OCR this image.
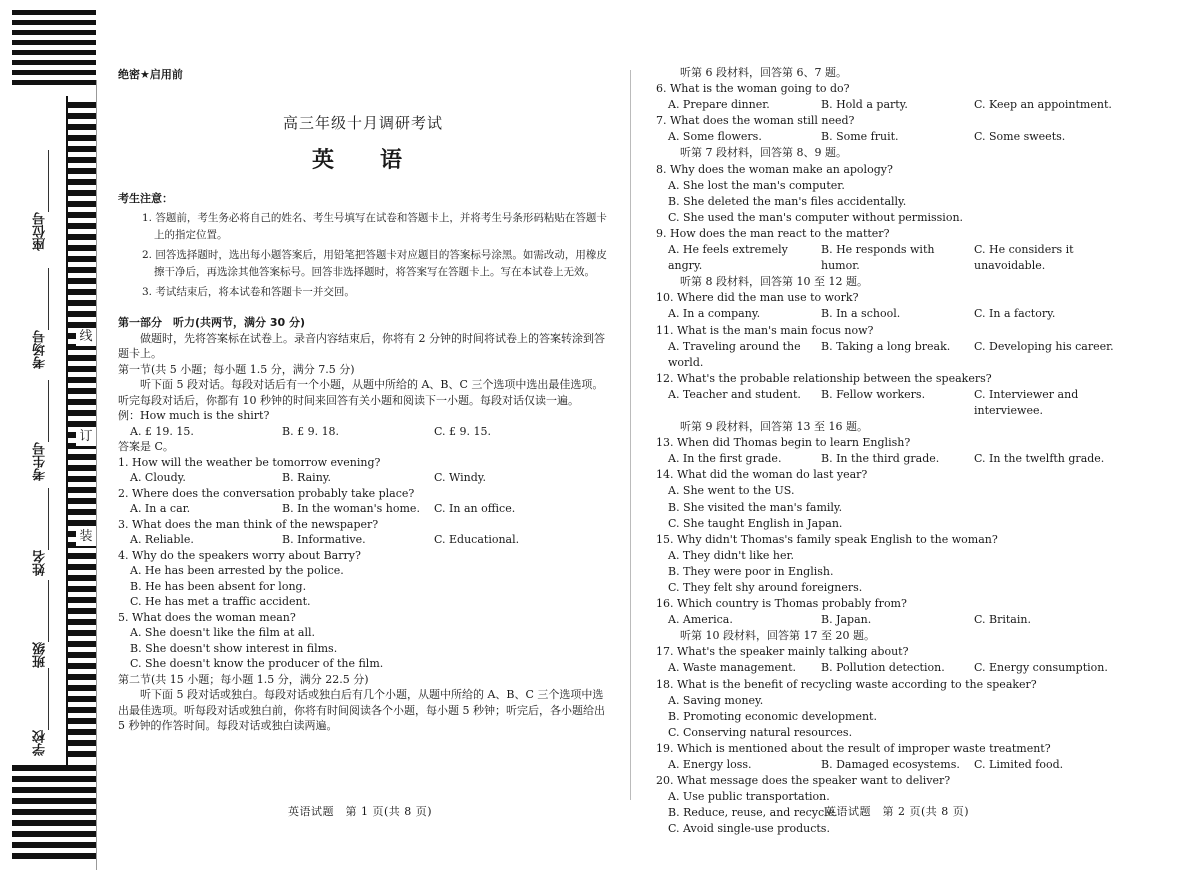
线
订
装
座位号
考场号
考生号
姓名
班级
学校
绝密★启用前
高三年级十月调研考试
英　语
考生注意：
1. 答题前，考生务必将自己的姓名、考生号填写在试卷和答题卡上，并将考生号条形码粘贴在答题卡上的指定位置。
2. 回答选择题时，选出每小题答案后，用铅笔把答题卡对应题目的答案标号涂黑。如需改动，用橡皮擦干净后，再选涂其他答案标号。回答非选择题时，将答案写在答题卡上。写在本试卷上无效。
3. 考试结束后，将本试卷和答题卡一并交回。
第一部分　听力(共两节，满分 30 分)
做题时，先将答案标在试卷上。录音内容结束后，你将有 2 分钟的时间将试卷上的答案转涂到答题卡上。
第一节(共 5 小题；每小题 1.5 分，满分 7.5 分)
听下面 5 段对话。每段对话后有一个小题，从题中所给的 A、B、C 三个选项中选出最佳选项。听完每段对话后，你都有 10 秒钟的时间来回答有关小题和阅读下一小题。每段对话仅读一遍。
例：How much is the shirt?
A. £ 19. 15.	B. £ 9. 18.	C. £ 9. 15.
答案是 C。
1. How will the weather be tomorrow evening?
A. Cloudy.	B. Rainy.	C. Windy.
2. Where does the conversation probably take place?
A. In a car.	B. In the woman's home.	C. In an office.
3. What does the man think of the newspaper?
A. Reliable.	B. Informative.	C. Educational.
4. Why do the speakers worry about Barry?
A. He has been arrested by the police.
B. He has been absent for long.
C. He has met a traffic accident.
5. What does the woman mean?
A. She doesn't like the film at all.
B. She doesn't show interest in films.
C. She doesn't know the producer of the film.
第二节(共 15 小题；每小题 1.5 分，满分 22.5 分)
听下面 5 段对话或独白。每段对话或独白后有几个小题，从题中所给的 A、B、C 三个选项中选出最佳选项。听每段对话或独白前，你将有时间阅读各个小题，每小题 5 秒钟；听完后，各小题给出 5 秒钟的作答时间。每段对话或独白读两遍。
英语试题　第 1 页(共 8 页)
听第 6 段材料，回答第 6、7 题。
6. What is the woman going to do?
A. Prepare dinner.	B. Hold a party.	C. Keep an appointment.
7. What does the woman still need?
A. Some flowers.	B. Some fruit.	C. Some sweets.
听第 7 段材料，回答第 8、9 题。
8. Why does the woman make an apology?
A. She lost the man's computer.
B. She deleted the man's files accidentally.
C. She used the man's computer without permission.
9. How does the man react to the matter?
A. He feels extremely angry.
B. He responds with humor.
C. He considers it unavoidable.
听第 8 段材料，回答第 10 至 12 题。
10. Where did the man use to work?
A. In a company.	B. In a school.	C. In a factory.
11. What is the man's main focus now?
A. Traveling around the world.
B. Taking a long break.	C. Developing his career.
12. What's the probable relationship between the speakers?
A. Teacher and student.	B. Fellow workers.	C. Interviewer and interviewee.
听第 9 段材料，回答第 13 至 16 题。
13. When did Thomas begin to learn English?
A. In the first grade.	B. In the third grade.	C. In the twelfth grade.
14. What did the woman do last year?
A. She went to the US.
B. She visited the man's family.
C. She taught English in Japan.
15. Why didn't Thomas's family speak English to the woman?
A. They didn't like her.
B. They were poor in English.
C. They felt shy around foreigners.
16. Which country is Thomas probably from?
A. America.	B. Japan.	C. Britain.
听第 10 段材料，回答第 17 至 20 题。
17. What's the speaker mainly talking about?
A. Waste management.	B. Pollution detection.	C. Energy consumption.
18. What is the benefit of recycling waste according to the speaker?
A. Saving money.
B. Promoting economic development.
C. Conserving natural resources.
19. Which is mentioned about the result of improper waste treatment?
A. Energy loss.	B. Damaged ecosystems.	C. Limited food.
20. What message does the speaker want to deliver?
A. Use public transportation.
B. Reduce, reuse, and recycle.
C. Avoid single-use products.
英语试题　第 2 页(共 8 页)
